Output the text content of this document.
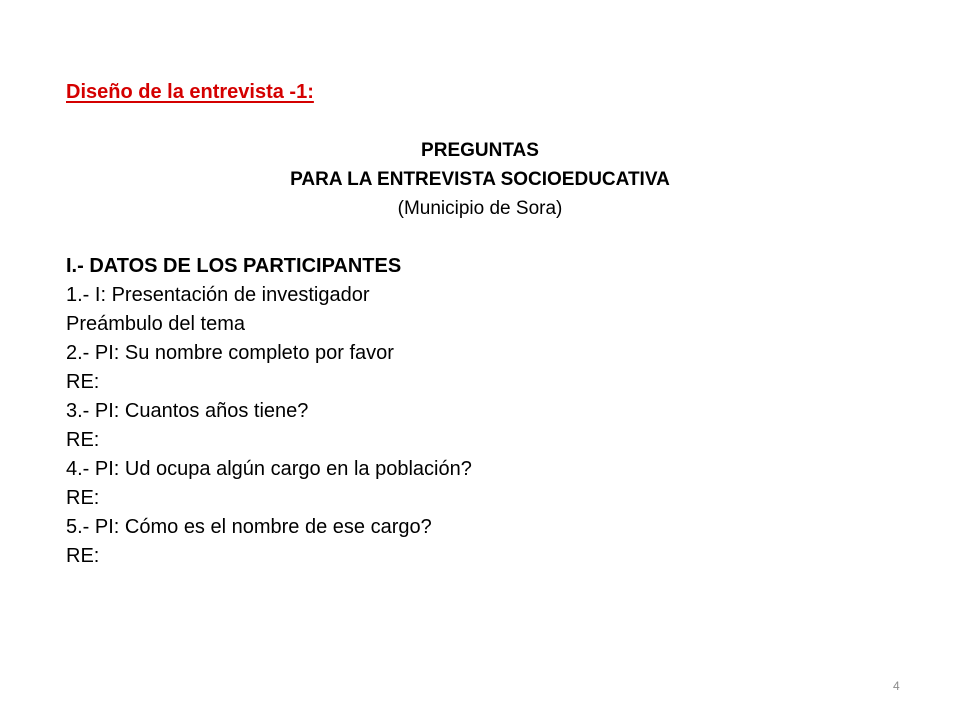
Diseño de la entrevista -1:
PREGUNTAS
PARA LA ENTREVISTA SOCIOEDUCATIVA
(Municipio de Sora)
I.- DATOS DE LOS PARTICIPANTES
1.- I: Presentación de investigador
Preámbulo del tema
2.- PI: Su nombre completo por favor
RE:
3.- PI: Cuantos años tiene?
RE:
4.- PI: Ud ocupa algún cargo en la población?
RE:
5.- PI: Cómo es el nombre de ese cargo?
RE:
4
